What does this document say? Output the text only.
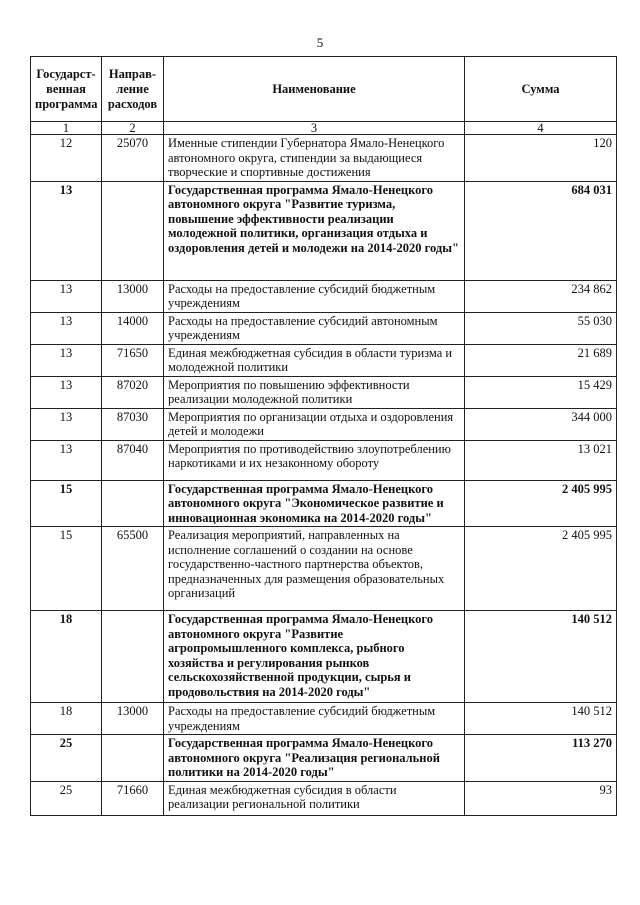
5
Государст-венная программа	Направ-ление расходов	Наименование	Сумма
1	2	3	4
12	25070	Именные стипендии Губернатора Ямало-Ненецкого автономного округа, стипендии за выдающиеся творческие и спортивные достижения	120
13		Государственная программа Ямало-Ненецкого автономного округа "Развитие туризма, повышение эффективности реализации молодежной политики, организация отдыха и оздоровления детей и молодежи на 2014-2020 годы"	684 031
13	13000	Расходы на предоставление субсидий бюджетным учреждениям	234 862
13	14000	Расходы на предоставление субсидий автономным учреждениям	55 030
13	71650	Единая межбюджетная субсидия в области туризма и молодежной политики	21 689
13	87020	Мероприятия по повышению эффективности реализации молодежной политики	15 429
13	87030	Мероприятия по организации отдыха и оздоровления детей и молодежи	344 000
13	87040	Мероприятия по противодействию злоупотреблению наркотиками и их незаконному обороту	13 021
15		Государственная программа Ямало-Ненецкого автономного округа "Экономическое развитие и инновационная экономика на 2014-2020 годы"	2 405 995
15	65500	Реализация мероприятий, направленных на исполнение соглашений о создании на основе государственно-частного партнерства объектов, предназначенных для размещения образовательных организаций	2 405 995
18		Государственная программа Ямало-Ненецкого автономного округа "Развитие агропромышленного комплекса, рыбного хозяйства и регулирования рынков сельскохозяйственной продукции, сырья и продовольствия на 2014-2020 годы"	140 512
18	13000	Расходы на предоставление субсидий бюджетным учреждениям	140 512
25		Государственная программа Ямало-Ненецкого автономного округа "Реализация региональной политики на 2014-2020 годы"	113 270
25	71660	Единая межбюджетная субсидия в области реализации региональной политики	93
